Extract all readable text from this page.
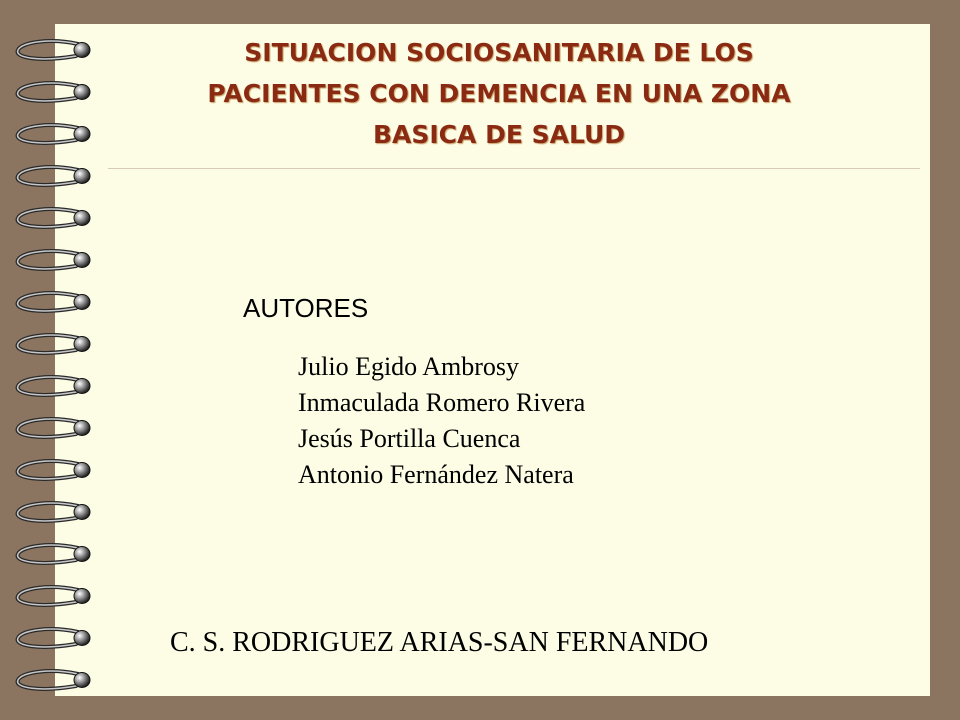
SITUACION SOCIOSANITARIA DE LOS
PACIENTES CON DEMENCIA EN UNA ZONA
BASICA DE SALUD
AUTORES
Julio Egido Ambrosy
Inmaculada Romero Rivera
Jesús Portilla Cuenca
Antonio Fernández Natera
C. S. RODRIGUEZ ARIAS-SAN FERNANDO
